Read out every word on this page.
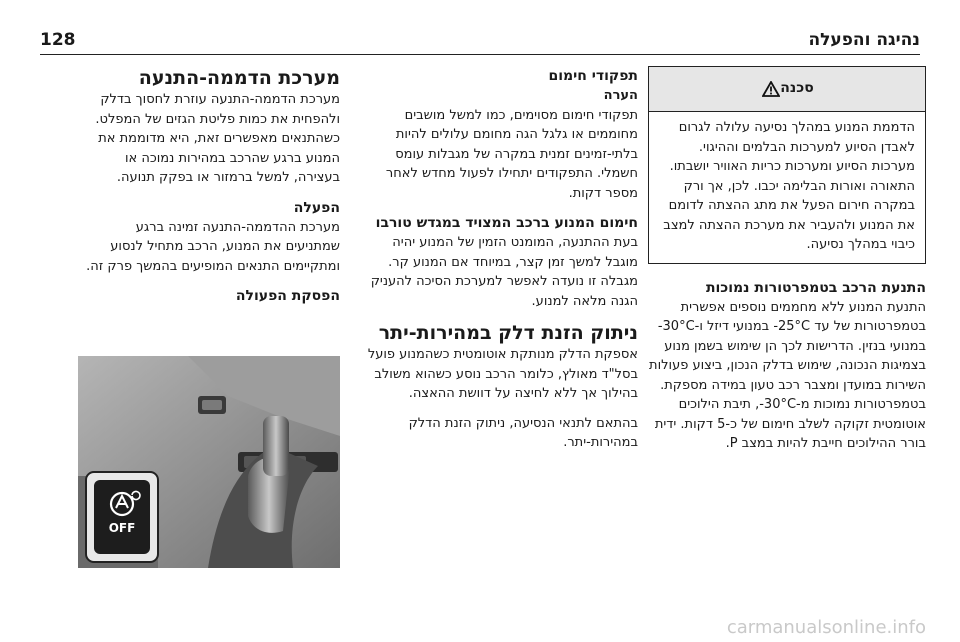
128	נהיגה והפעלה
סכנה

הדממת המנוע במהלך נסיעה עלולה לגרום לאבדן הסיוע למערכות הבלמים וההיגוי. מערכות הסיוע ומערכות כריות האוויר יושבתו. התאורה ואורות הבלימה יכבו. לכן, אך ורק במקרה חירום הפעל את מתג ההצתה לדומם את המנוע ולהעביר את מערכת ההצתה למצב כיבוי במהלך נסיעה.

התנעת הרכב בטמפרטורות נמוכות

התנעת המנוע ללא מחממים נוספים אפשרית בטמפרטורות של עד ‎-25°C‎ במנועי דיזל ו-‎-30°C‎ במנועי בנזין. הדרישות לכך הן שימוש בשמן מנוע בצמיגות הנכונה, שימוש בדלק הנכון, ביצוע פעולות השירות במועדן ומצבר רכב טעון במידה מספקת. בטמפרטורות נמוכות מ-‎-30°C‎, תיבת הילוכים אוטומטית זקוקה לשלב חימום של כ-5 דקות. ידית בורר ההילוכים חייבת להיות במצב P.

תפקודי חימום

הערה

תפקודי חימום מסוימים, כמו למשל מושבים מחוממים או גלגל הגה מחומם עלולים להיות בלתי-זמינים זמנית במקרה של מגבלות עומס חשמלי. התפקודים יתחילו לפעול מחדש לאחר מספר דקות.

חימום המנוע ברכב המצויד במגדש טורבו

בעת ההתנעה, המומנט הזמין של המנוע יהיה מוגבל למשך זמן קצר, במיוחד אם המנוע קר. מגבלה זו נועדה לאפשר למערכת הסיכה להעניק הגנה מלאה למנוע.

ניתוק הזנת דלק במהירות-יתר

אספקת הדלק מנותקת אוטומטית כשהמנוע פועל בסל"ד מאולץ, כלומר הרכב נוסע כשהוא משולב בהילוך אך ללא לחיצה על דוושת ההאצה.

בהתאם לתנאי הנסיעה, ניתוק הזנת הדלק במהירות-יתר.

מערכת הדממה-התנעה

מערכת הדממה-התנעה עוזרת לחסוך בדלק ולהפחית את כמות פליטת הגזים של המפלט. כשהתנאים מאפשרים זאת, היא מדוממת את המנוע ברגע שהרכב במהירות נמוכה או בעצירה, למשל ברמזור או בפקק תנועה.

הפעלה

מערכת ההדממה-התנעה זמינה ברגע שמתניעים את המנוע, הרכב מתחיל לנסוע ומתקיימים התנאים המופיעים בהמשך פרק זה.

הפסקת הפעולה

OFF
carmanualsonline.info
